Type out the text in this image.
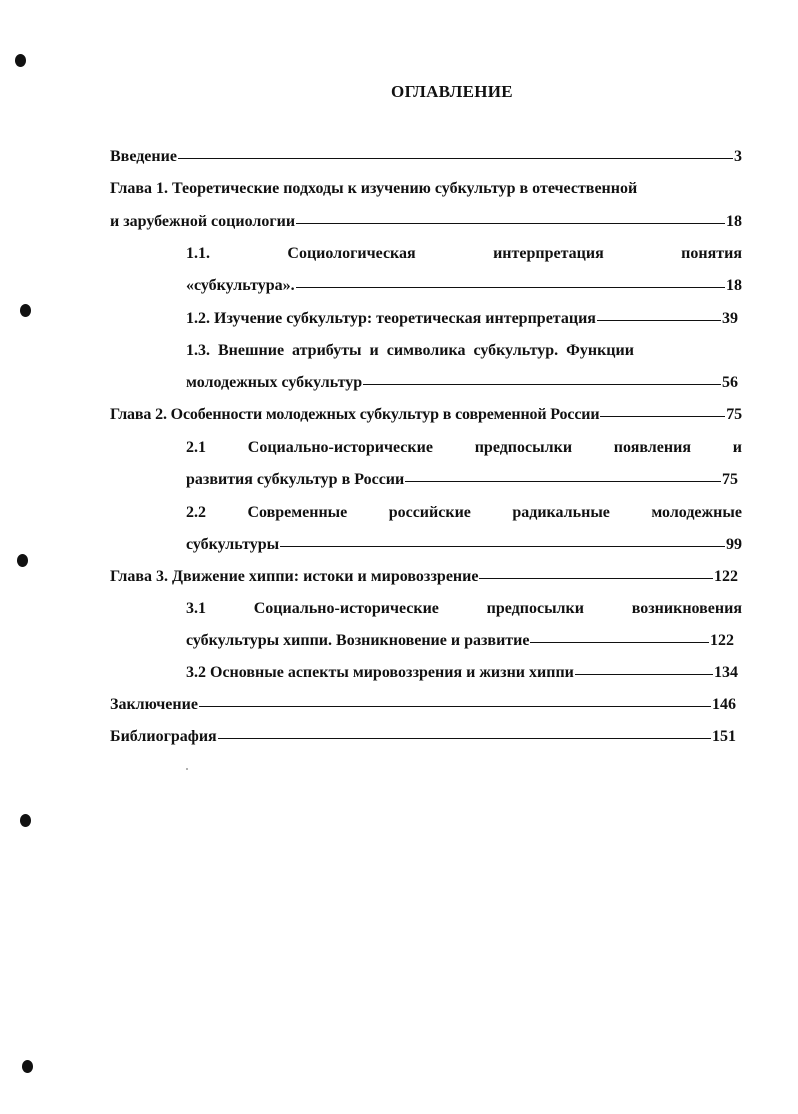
ОГЛАВЛЕНИЕ
Введение	3
Глава 1. Теоретические подходы к изучению субкультур в отечественной
и зарубежной социологии	18
1.1.	Социологическая	интерпретация	понятия
«субкультура».	18
1.2. Изучение субкультур: теоретическая интерпретация	39
1.3. Внешние атрибуты и символика субкультур. Функции
молодежных субкультур	56
Глава 2. Особенности молодежных субкультур в современной России	75
2.1	Социально-исторические	предпосылки	появления	и
развития субкультур в России	75
2.2	Современные	российские	радикальные	молодежные
субкультуры	99
Глава 3. Движение хиппи: истоки и мировоззрение	122
3.1	Социально-исторические	предпосылки	возникновения
субкультуры хиппи. Возникновение и развитие	122
3.2 Основные аспекты мировоззрения и жизни хиппи	134
Заключение	146
Библиография	151
